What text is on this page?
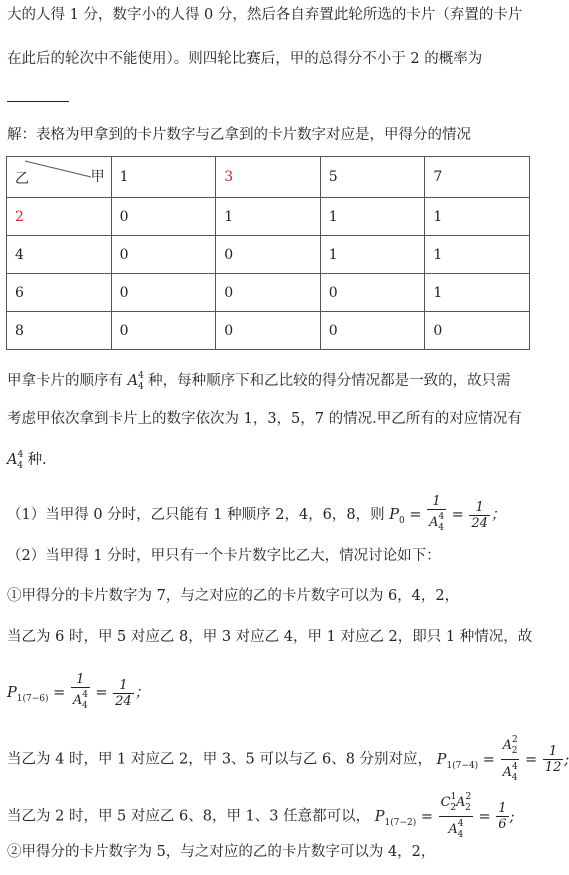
大的人得 1 分，数字小的人得 0 分，然后各自弃置此轮所选的卡片（弃置的卡片
在此后的轮次中不能使用）。则四轮比赛后，甲的总得分不小于 2 的概率为
解：表格为甲拿到的卡片数字与乙拿到的卡片数字对应是，甲得分的情况
乙 甲	1	3	5	7
2	0	1	1	1
4	0	0	1	1
6	0	0	0	1
8	0	0	0	0
甲拿卡片的顺序有 $A^4_4$ 种，每种顺序下和乙比较的得分情况都是一致的，故只需
考虑甲依次拿到卡片上的数字依次为 1，3，5，7 的情况.甲乙所有的对应情况有
$A^4_4$ 种.
（1）当甲得 0 分时，乙只能有 1 种顺序 2，4，6，8，则 $P_0 = \frac{1}{A^4_4} = \frac{1}{24}$ ；
（2）当甲得 1 分时，甲只有一个卡片数字比乙大，情况讨论如下：
①甲得分的卡片数字为 7，与之对应的乙的卡片数字可以为 6，4，2，
当乙为 6 时，甲 5 对应乙 8，甲 3 对应乙 4，甲 1 对应乙 2，即只 1 种情况，故
$P_{1(7-6)} = \frac{1}{A^4_4} = \frac{1}{24}$ ；
当乙为 4 时，甲 1 对应乙 2，甲 3、5 可以与乙 6、8 分别对应， $P_{1(7-4)} = \frac{A^2_2}{A^4_4} = \frac{1}{12}$ ;
当乙为 2 时，甲 5 对应乙 6、8，甲 1、3 任意都可以， $P_{1(7-2)} = \frac{C^1_2A^2_2}{A^4_4} = \frac{1}{6}$ ;
②甲得分的卡片数字为 5，与之对应的乙的卡片数字可以为 4，2，
